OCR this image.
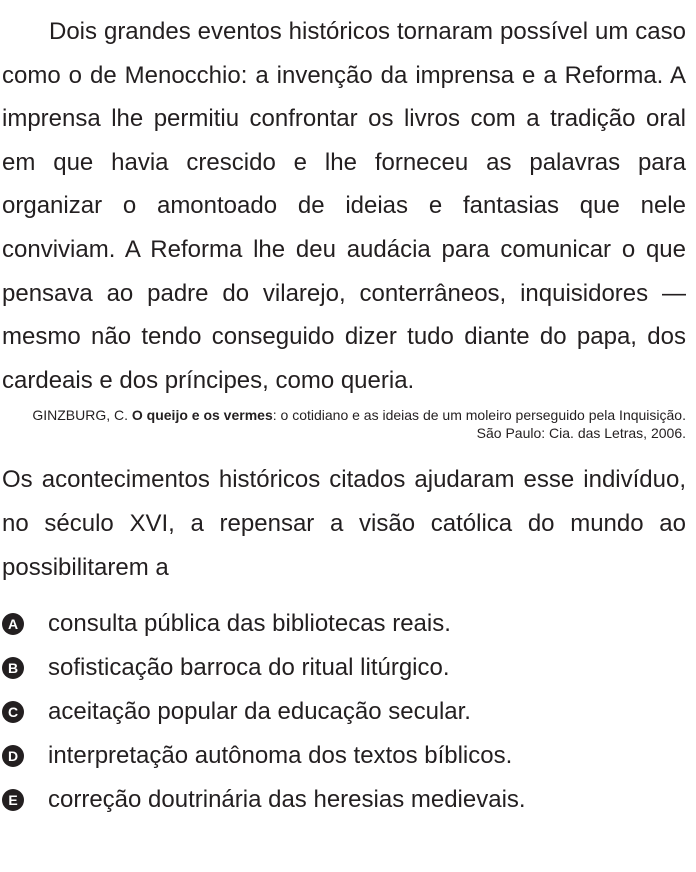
Dois grandes eventos históricos tornaram possível um caso como o de Menocchio: a invenção da imprensa e a Reforma. A imprensa lhe permitiu confrontar os livros com a tradição oral em que havia crescido e lhe forneceu as palavras para organizar o amontoado de ideias e fantasias que nele conviviam. A Reforma lhe deu audácia para comunicar o que pensava ao padre do vilarejo, conterrâneos, inquisidores — mesmo não tendo conseguido dizer tudo diante do papa, dos cardeais e dos príncipes, como queria.

GINZBURG, C. O queijo e os vermes: o cotidiano e as ideias de um moleiro perseguido pela Inquisição. São Paulo: Cia. das Letras, 2006.

Os acontecimentos históricos citados ajudaram esse indivíduo, no século XVI, a repensar a visão católica do mundo ao possibilitarem a

A consulta pública das bibliotecas reais.
B sofisticação barroca do ritual litúrgico.
C aceitação popular da educação secular.
D interpretação autônoma dos textos bíblicos.
E correção doutrinária das heresias medievais.
